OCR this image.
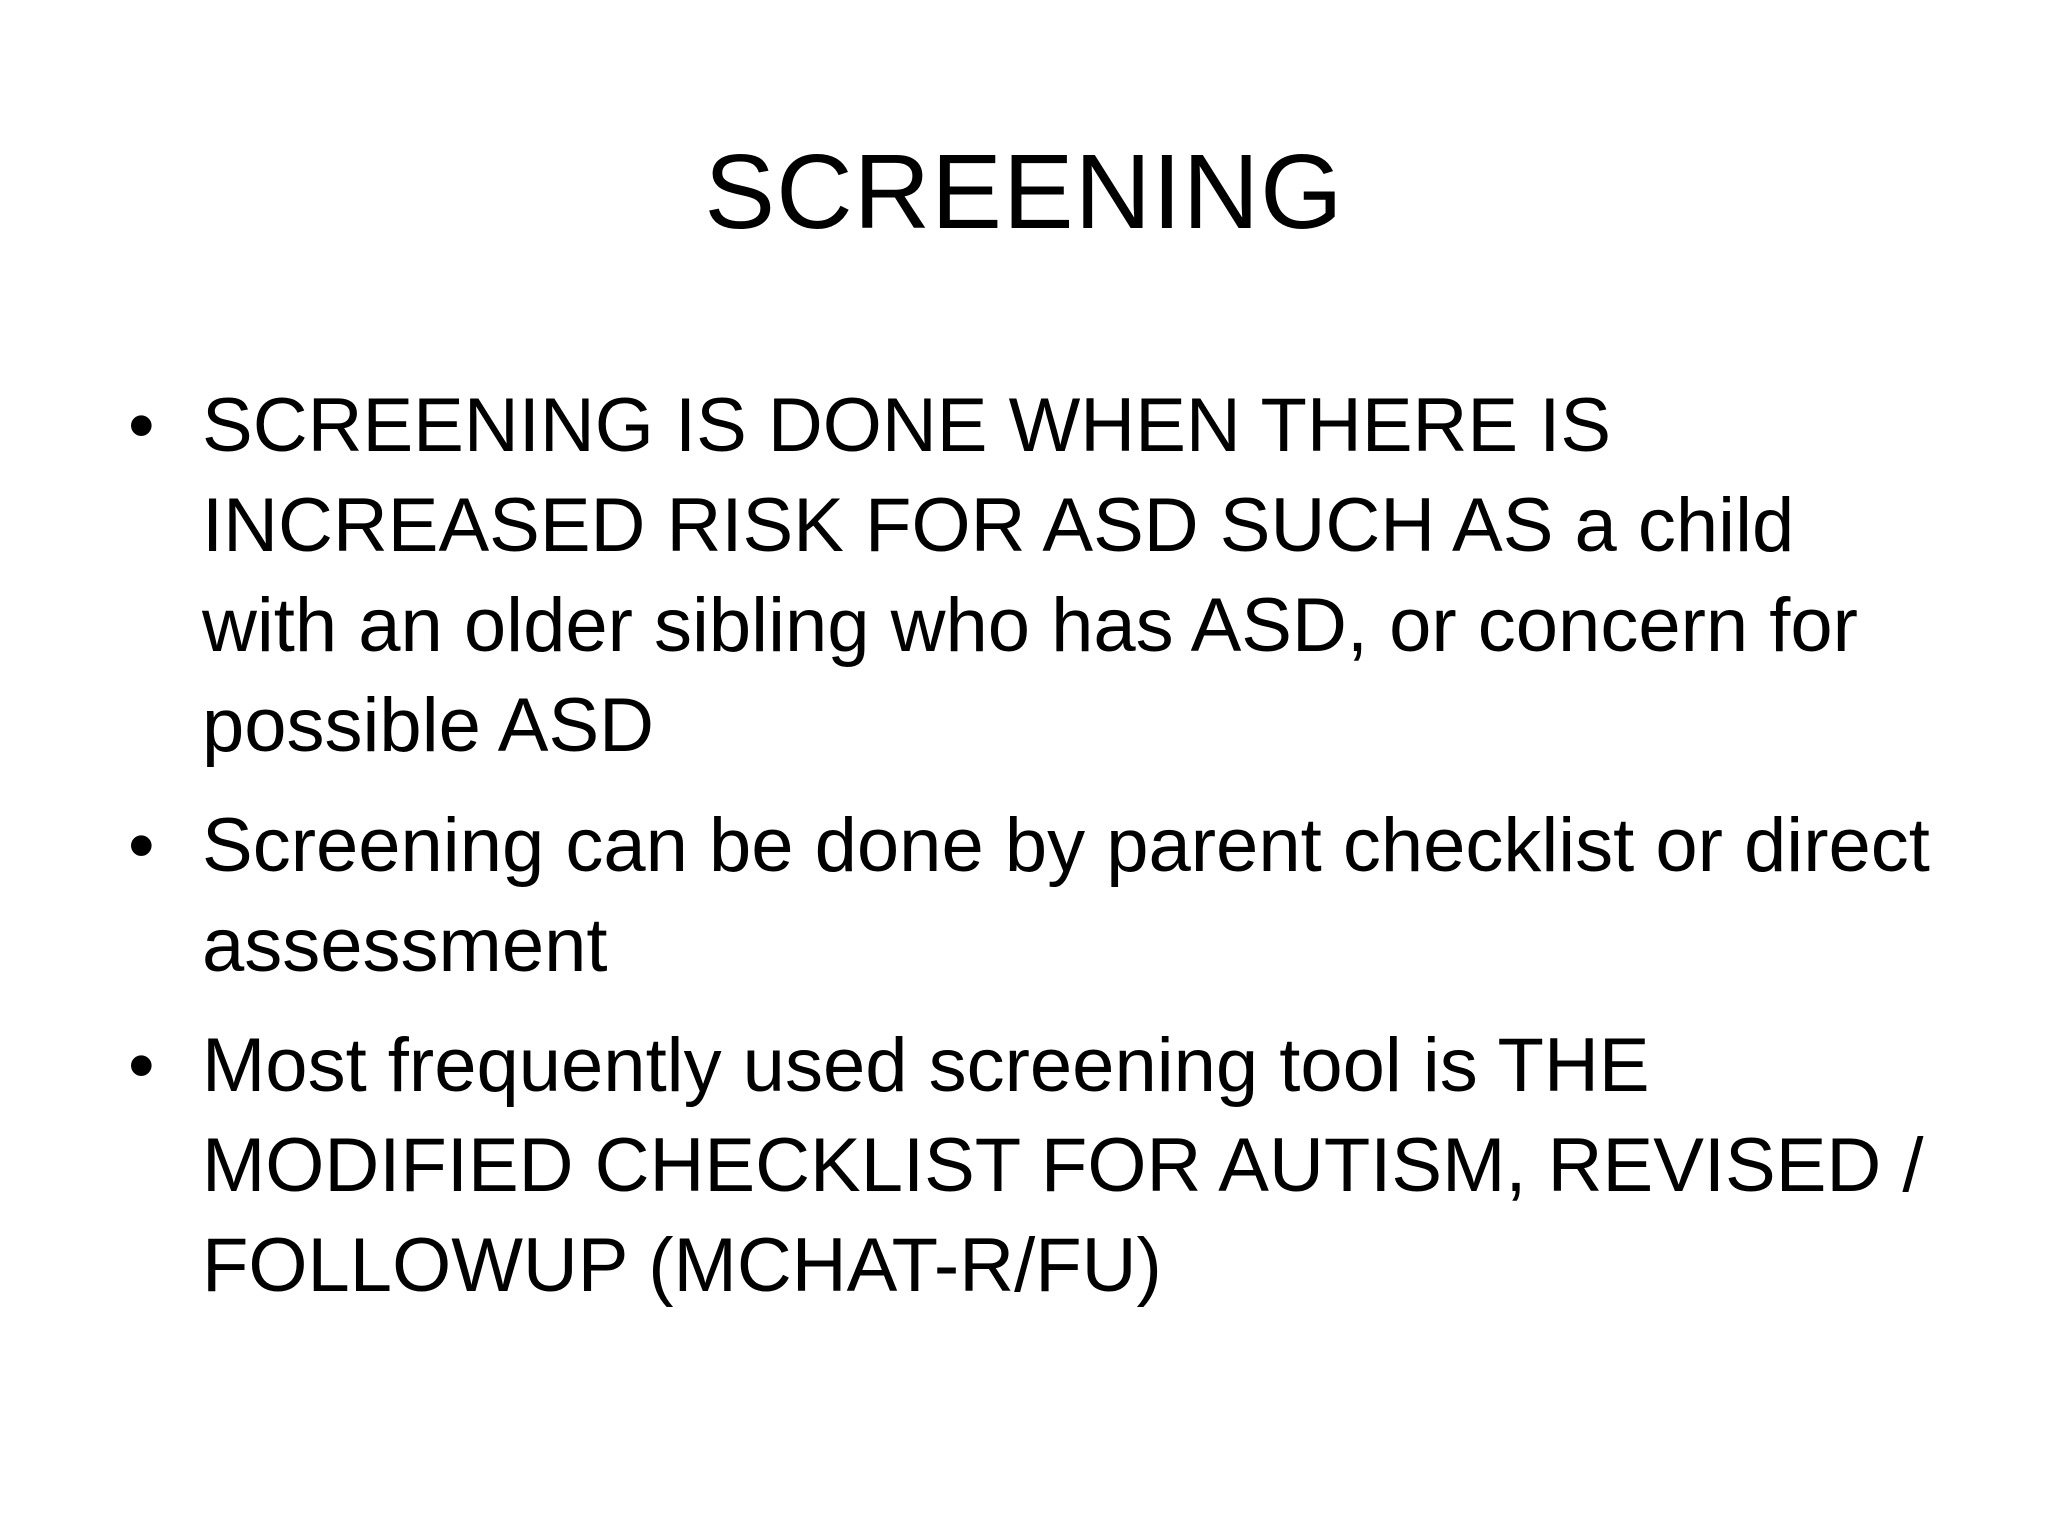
SCREENING
• SCREENING IS DONE WHEN THERE IS INCREASED RISK FOR ASD SUCH AS a child with an older sibling who has ASD, or concern for possible ASD
• Screening can be done by parent checklist or direct assessment
• Most frequently used screening tool is THE MODIFIED CHECKLIST FOR AUTISM, REVISED / FOLLOWUP (MCHAT-R/FU)
